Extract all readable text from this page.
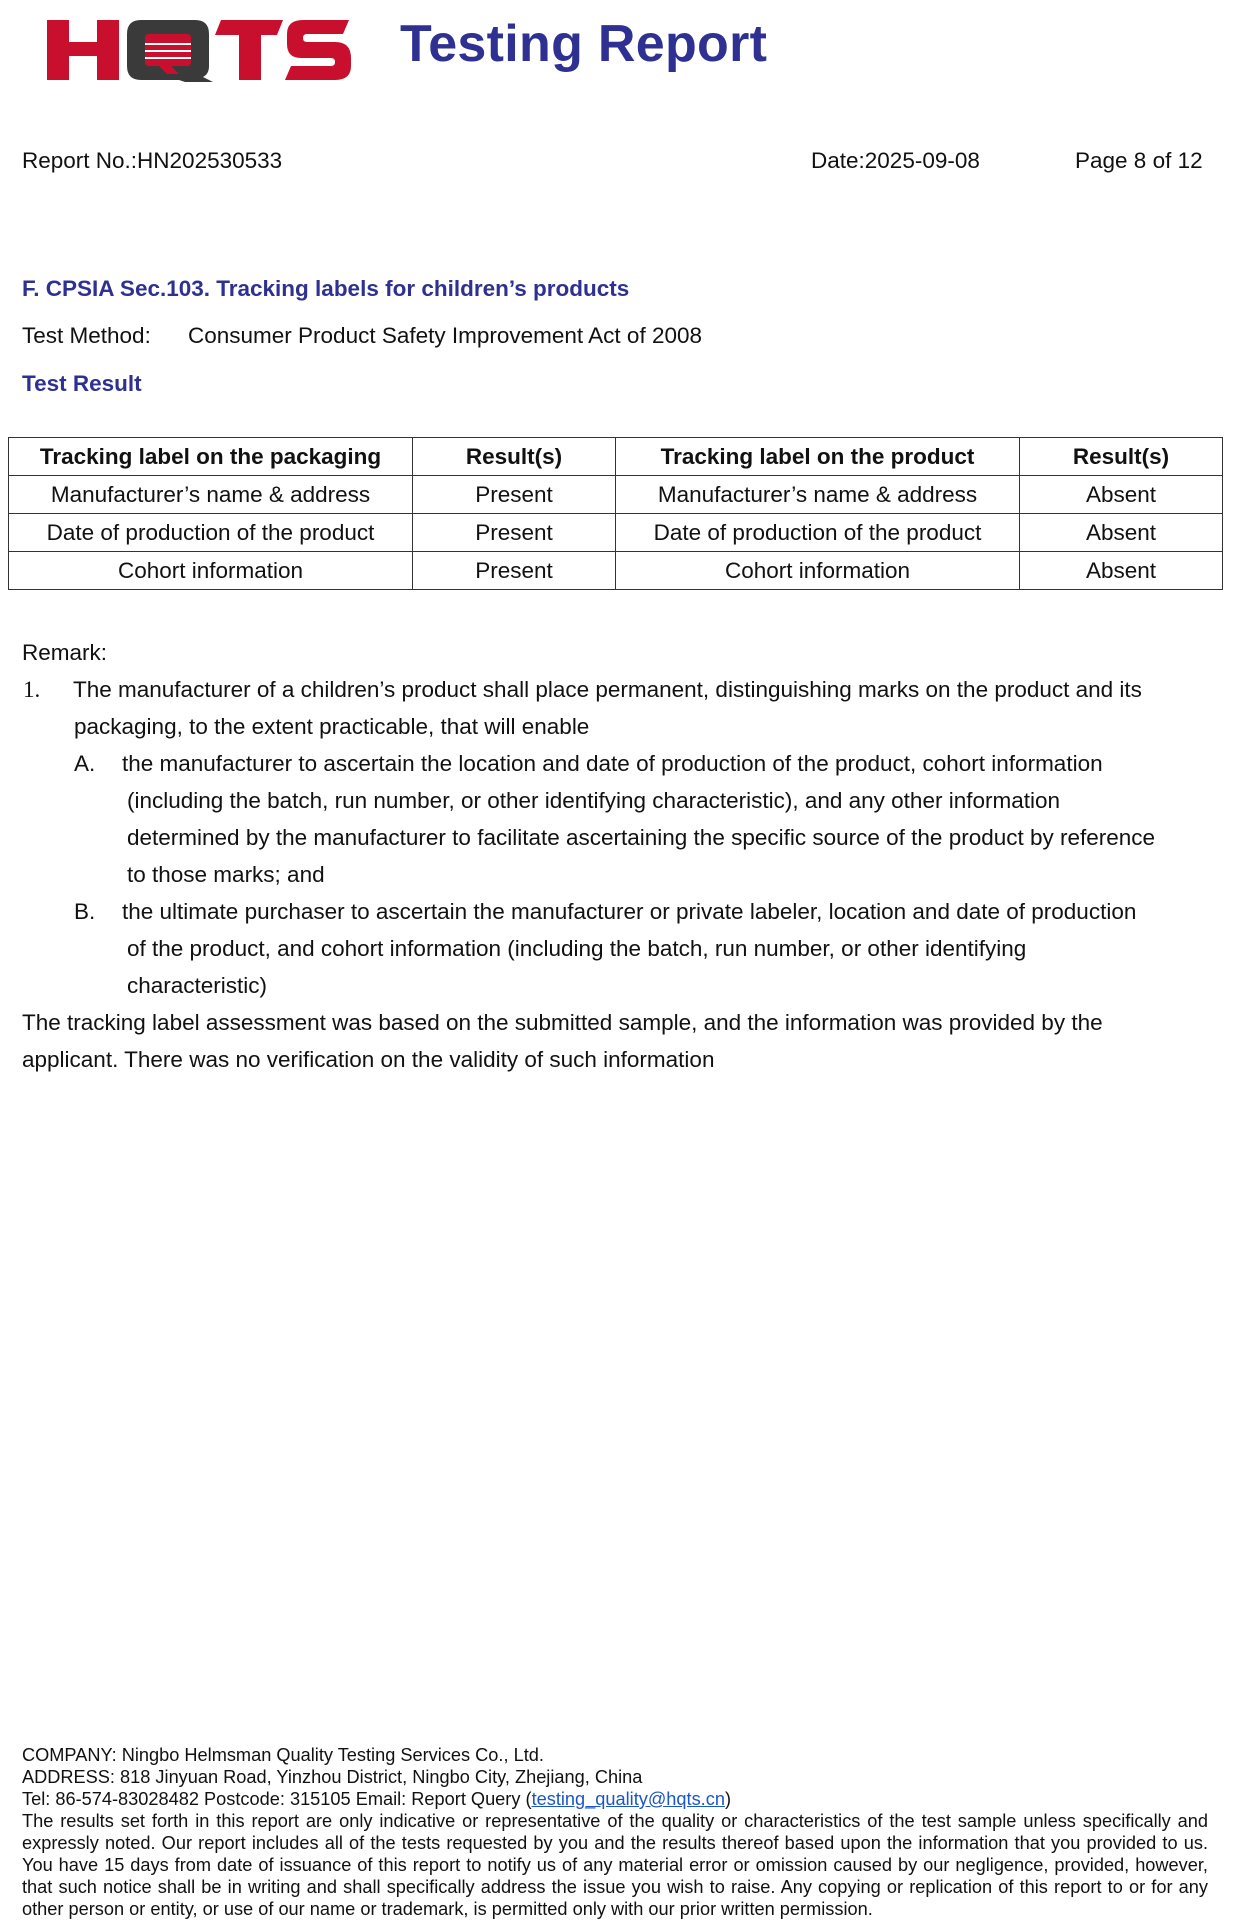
Testing Report
Report No.:HN202530533	Date:2025-09-08	Page 8 of 12
F. CPSIA Sec.103. Tracking labels for children’s products
Test Method: Consumer Product Safety Improvement Act of 2008
Test Result
Tracking label on the packaging	Result(s)	Tracking label on the product	Result(s)
Manufacturer’s name & address	Present	Manufacturer’s name & address	Absent
Date of production of the product	Present	Date of production of the product	Absent
Cohort information	Present	Cohort information	Absent
Remark:
1. The manufacturer of a children’s product shall place permanent, distinguishing marks on the product and its
packaging, to the extent practicable, that will enable
A. the manufacturer to ascertain the location and date of production of the product, cohort information
(including the batch, run number, or other identifying characteristic), and any other information
determined by the manufacturer to facilitate ascertaining the specific source of the product by reference
to those marks; and
B. the ultimate purchaser to ascertain the manufacturer or private labeler, location and date of production
of the product, and cohort information (including the batch, run number, or other identifying
characteristic)
The tracking label assessment was based on the submitted sample, and the information was provided by the
applicant. There was no verification on the validity of such information
COMPANY: Ningbo Helmsman Quality Testing Services Co., Ltd.
ADDRESS: 818 Jinyuan Road, Yinzhou District, Ningbo City, Zhejiang, China
Tel: 86-574-83028482 Postcode: 315105 Email: Report Query (testing_quality@hqts.cn)
The results set forth in this report are only indicative or representative of the quality or characteristics of the test sample unless specifically and expressly noted. Our report includes all of the tests requested by you and the results thereof based upon the information that you provided to us. You have 15 days from date of issuance of this report to notify us of any material error or omission caused by our negligence, provided, however, that such notice shall be in writing and shall specifically address the issue you wish to raise. Any copying or replication of this report to or for any other person or entity, or use of our name or trademark, is permitted only with our prior written permission.
